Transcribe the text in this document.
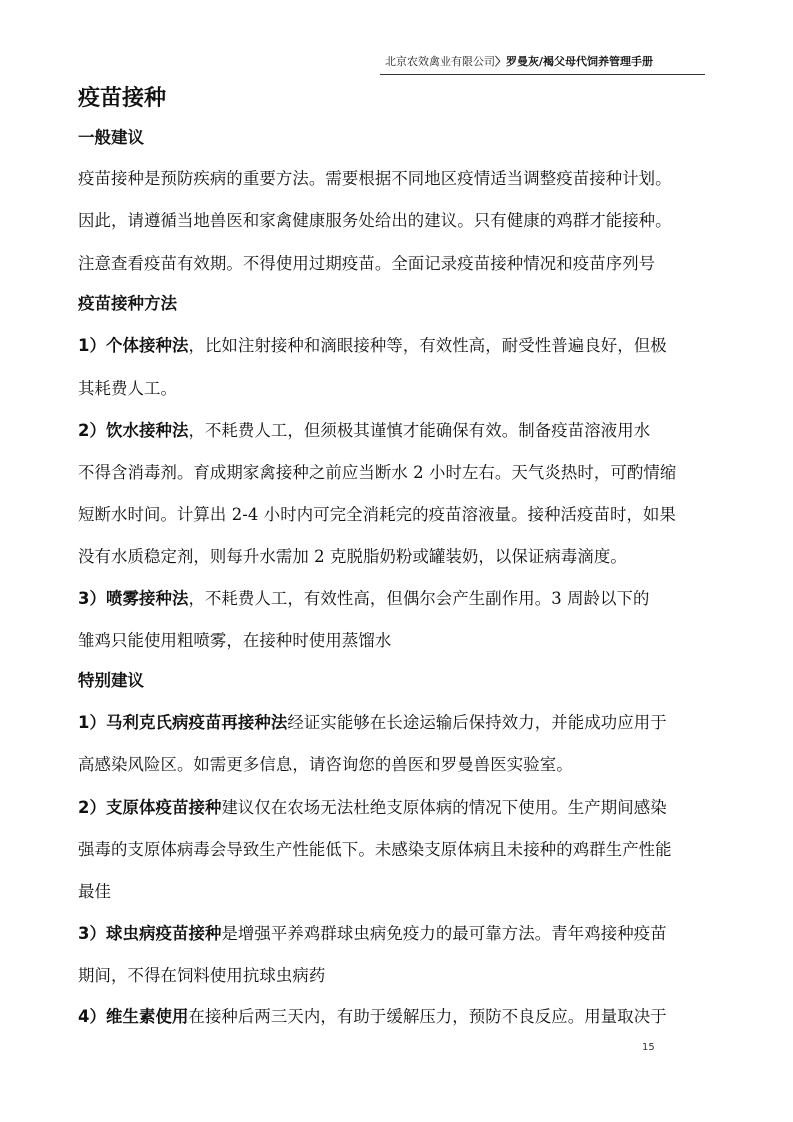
北京农效禽业有限公司〉罗曼灰/褐父母代饲养管理手册
疫苗接种
一般建议
疫苗接种是预防疾病的重要方法。需要根据不同地区疫情适当调整疫苗接种计划。
因此，请遵循当地兽医和家禽健康服务处给出的建议。只有健康的鸡群才能接种。
注意查看疫苗有效期。不得使用过期疫苗。全面记录疫苗接种情况和疫苗序列号
疫苗接种方法
1）个体接种法，比如注射接种和滴眼接种等，有效性高，耐受性普遍良好，但极
其耗费人工。
2）饮水接种法，不耗费人工，但须极其谨慎才能确保有效。制备疫苗溶液用水
不得含消毒剂。育成期家禽接种之前应当断水 2 小时左右。天气炎热时，可酌情缩
短断水时间。计算出 2-4 小时内可完全消耗完的疫苗溶液量。接种活疫苗时，如果
没有水质稳定剂，则每升水需加 2 克脱脂奶粉或罐装奶，以保证病毒滴度。
3）喷雾接种法，不耗费人工，有效性高，但偶尔会产生副作用。3 周龄以下的
雏鸡只能使用粗喷雾，在接种时使用蒸馏水
特别建议
1）马利克氏病疫苗再接种法经证实能够在长途运输后保持效力，并能成功应用于
高感染风险区。如需更多信息，请咨询您的兽医和罗曼兽医实验室。
2）支原体疫苗接种建议仅在农场无法杜绝支原体病的情况下使用。生产期间感染
强毒的支原体病毒会导致生产性能低下。未感染支原体病且未接种的鸡群生产性能
最佳
3）球虫病疫苗接种是增强平养鸡群球虫病免疫力的最可靠方法。青年鸡接种疫苗
期间，不得在饲料使用抗球虫病药
4）维生素使用在接种后两三天内，有助于缓解压力，预防不良反应。用量取决于
15
